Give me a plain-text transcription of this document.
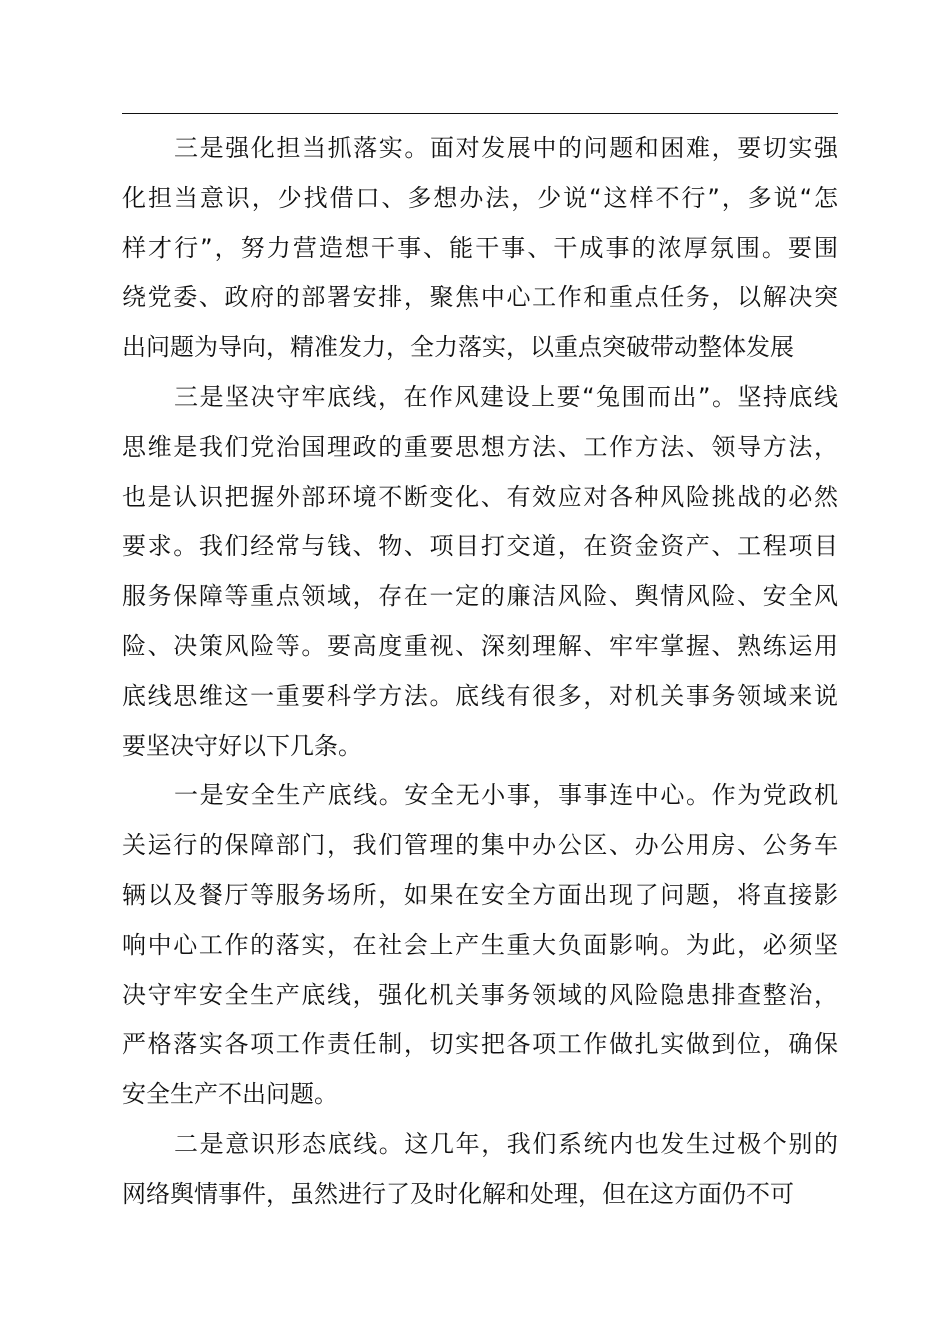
三是强化担当抓落实。面对发展中的问题和困难，要切实强
化担当意识，少找借口、多想办法，少说“这样不行”，多说“怎
样才行”，努力营造想干事、能干事、干成事的浓厚氛围。要围
绕党委、政府的部署安排，聚焦中心工作和重点任务，以解决突
出问题为导向，精准发力，全力落实，以重点突破带动整体发展
三是坚决守牢底线，在作风建设上要“兔围而出”。坚持底线
思维是我们党治国理政的重要思想方法、工作方法、领导方法，
也是认识把握外部环境不断变化、有效应对各种风险挑战的必然
要求。我们经常与钱、物、项目打交道，在资金资产、工程项目
服务保障等重点领域，存在一定的廉洁风险、舆情风险、安全风
险、决策风险等。要高度重视、深刻理解、牢牢掌握、熟练运用
底线思维这一重要科学方法。底线有很多，对机关事务领域来说
要坚决守好以下几条。
一是安全生产底线。安全无小事，事事连中心。作为党政机
关运行的保障部门，我们管理的集中办公区、办公用房、公务车
辆以及餐厅等服务场所，如果在安全方面出现了问题，将直接影
响中心工作的落实，在社会上产生重大负面影响。为此，必须坚
决守牢安全生产底线，强化机关事务领域的风险隐患排查整治，
严格落实各项工作责任制，切实把各项工作做扎实做到位，确保
安全生产不出问题。
二是意识形态底线。这几年，我们系统内也发生过极个别的
网络舆情事件，虽然进行了及时化解和处理，但在这方面仍不可
